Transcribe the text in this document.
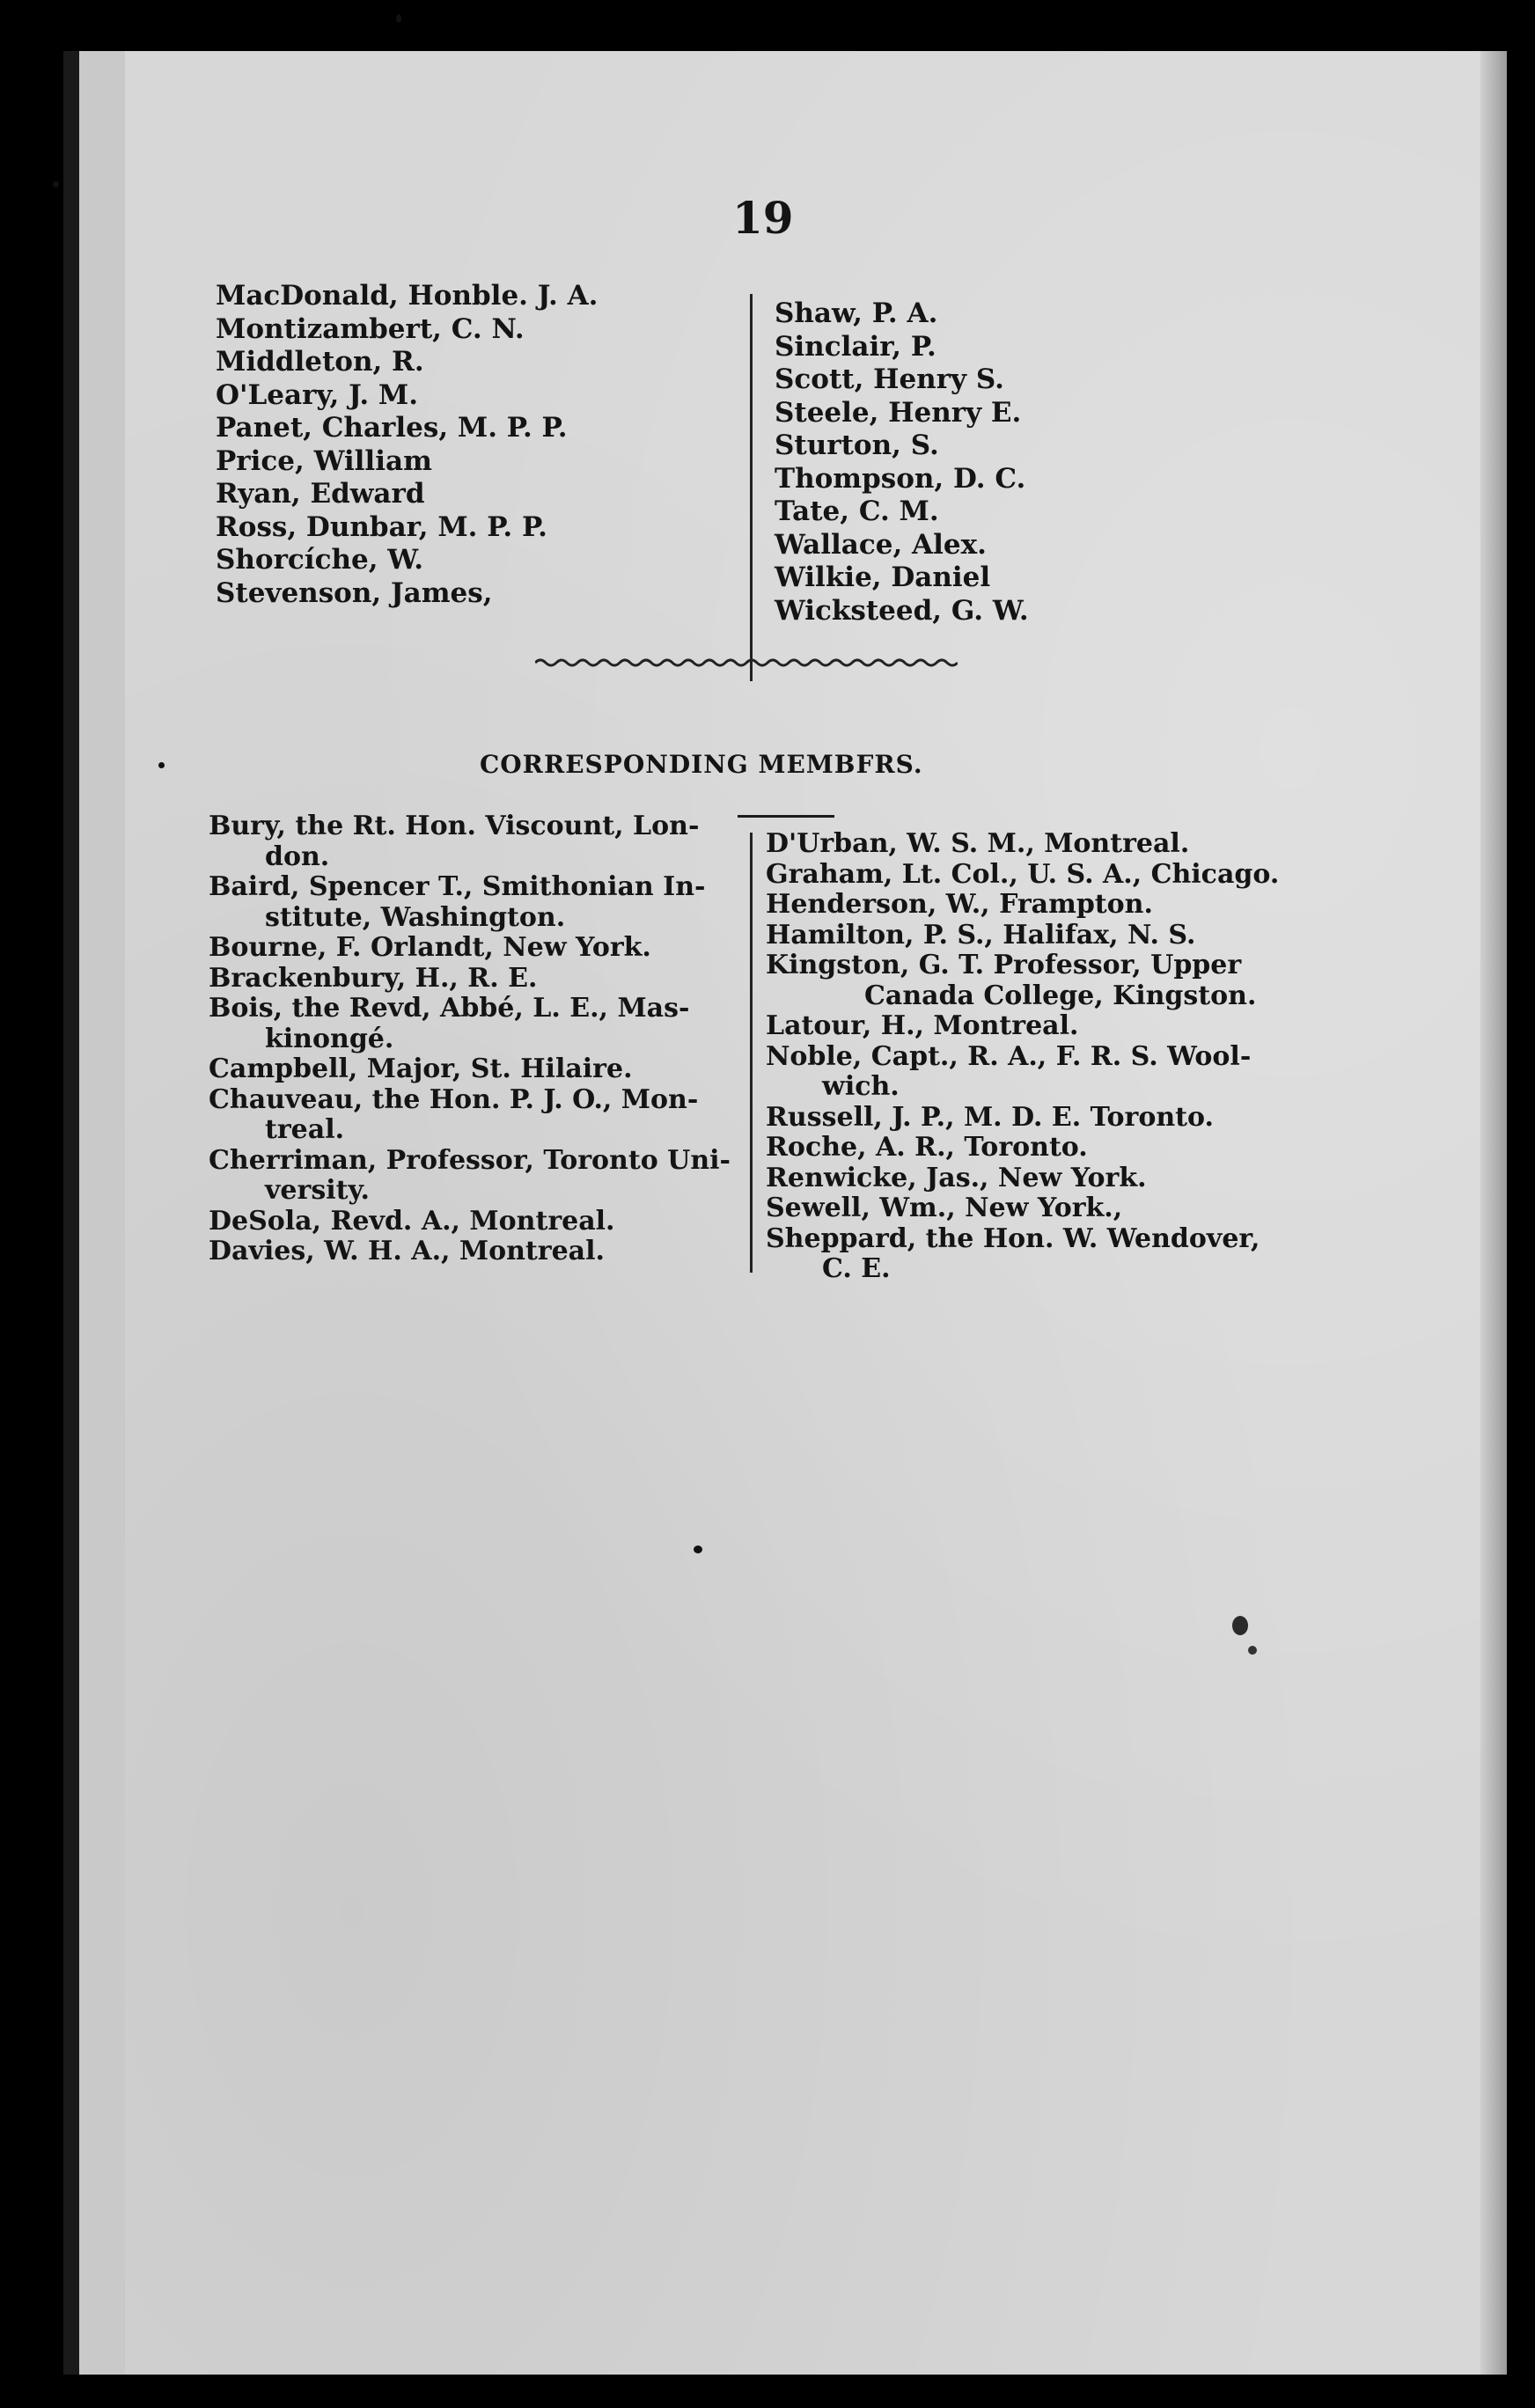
19
MacDonald, Honble. J. A.
Montizambert, C. N.
Middleton, R.
O'Leary, J. M.
Panet, Charles, M. P. P.
Price, William
Ryan, Edward
Ross, Dunbar, M. P. P.
Shorcíche, W.
Stevenson, James,
Shaw, P. A.
Sinclair, P.
Scott, Henry S.
Steele, Henry E.
Sturton, S.
Thompson, D. C.
Tate, C. M.
Wallace, Alex.
Wilkie, Daniel
Wicksteed, G. W.
CORRESPONDING MEMBFRS.
Bury, the Rt. Hon. Viscount, Lon-
don.
Baird, Spencer T., Smithonian In-
stitute, Washington.
Bourne, F. Orlandt, New York.
Brackenbury, H., R. E.
Bois, the Revd, Abbé, L. E., Mas-
kinongé.
Campbell, Major, St. Hilaire.
Chauveau, the Hon. P. J. O., Mon-
treal.
Cherriman, Professor, Toronto Uni-
versity.
DeSola, Revd. A., Montreal.
Davies, W. H. A., Montreal.
D'Urban, W. S. M., Montreal.
Graham, Lt. Col., U. S. A., Chicago.
Henderson, W., Frampton.
Hamilton, P. S., Halifax, N. S.
Kingston, G. T. Professor, Upper
Canada College, Kingston.
Latour, H., Montreal.
Noble, Capt., R. A., F. R. S. Wool-
wich.
Russell, J. P., M. D. E. Toronto.
Roche, A. R., Toronto.
Renwicke, Jas., New York.
Sewell, Wm., New York.,
Sheppard, the Hon. W. Wendover,
C. E.
